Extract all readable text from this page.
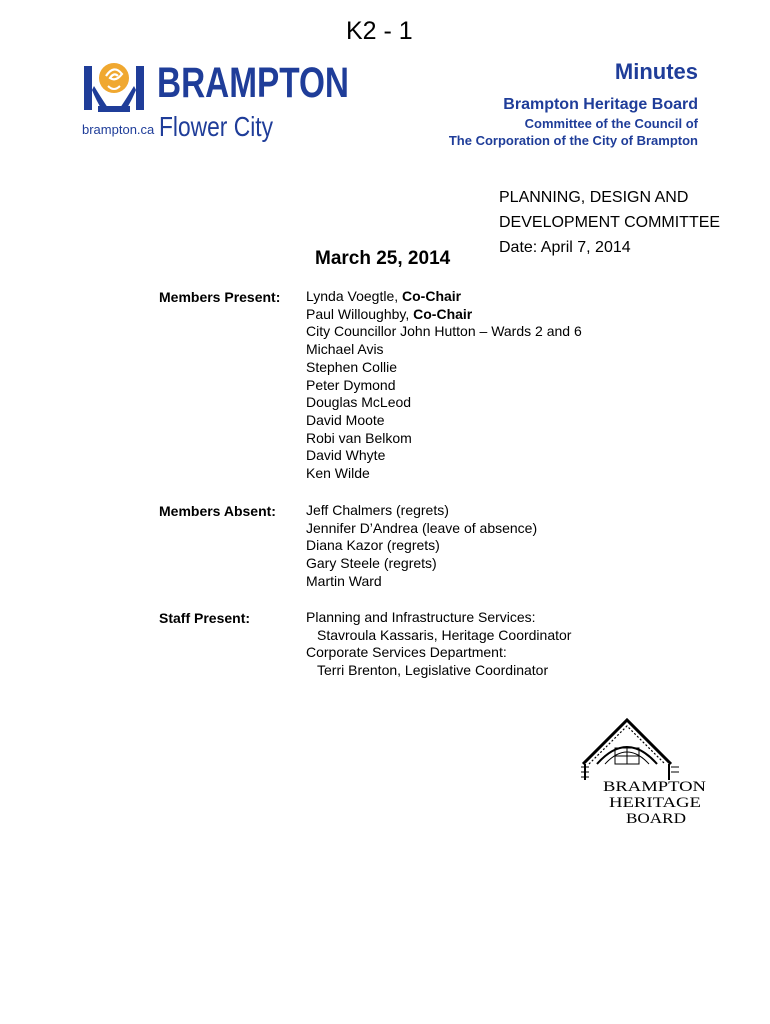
K2 - 1
brampton.ca
BRAMPTON
Flower City
Minutes
Brampton Heritage Board
Committee of the Council of
The Corporation of the City of Brampton
PLANNING, DESIGN AND
DEVELOPMENT COMMITTEE
Date: April 7, 2014
March 25, 2014
Members Present: Lynda Voegtle, Co-Chair
Paul Willoughby, Co-Chair
City Councillor John Hutton – Wards 2 and 6
Michael Avis
Stephen Collie
Peter Dymond
Douglas McLeod
David Moote
Robi van Belkom
David Whyte
Ken Wilde
Members Absent: Jeff Chalmers (regrets)
Jennifer D’Andrea (leave of absence)
Diana Kazor (regrets)
Gary Steele (regrets)
Martin Ward
Staff Present:	Planning and Infrastructure Services:
Stavroula Kassaris, Heritage Coordinator
Corporate Services Department:
Terri Brenton, Legislative Coordinator
BRAMPTON
HERITAGE
BOARD
